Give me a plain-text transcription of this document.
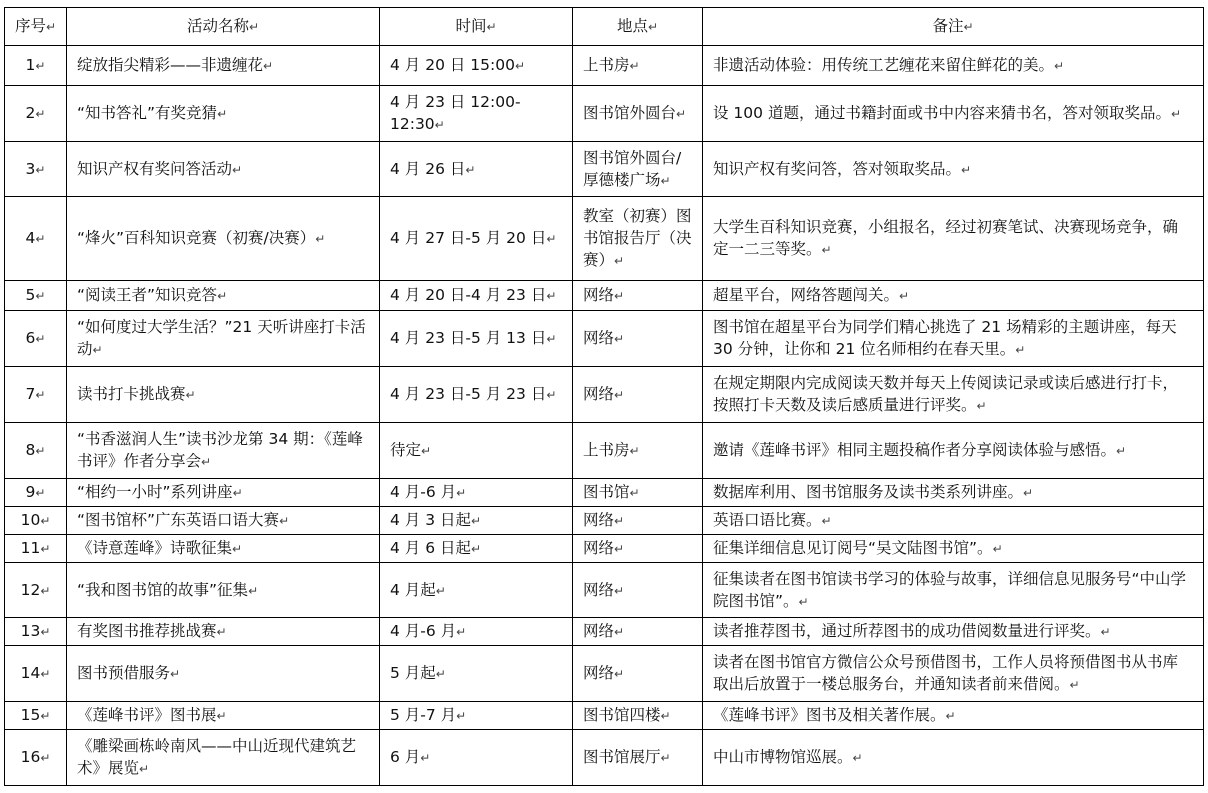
序号↵	活动名称↵	时间↵	地点↵	备注↵
1↵	绽放指尖精彩——非遗缠花↵	4 月 20 日 15:00↵	上书房↵	非遗活动体验：用传统工艺缠花来留住鲜花的美。↵
2↵	“知书答礼”有奖竞猜↵	4 月 23 日 12:00-12:30↵	图书馆外圆台↵	设 100 道题，通过书籍封面或书中内容来猜书名，答对领取奖品。↵
3↵	知识产权有奖问答活动↵	4 月 26 日↵	图书馆外圆台/厚德楼广场↵	知识产权有奖问答，答对领取奖品。↵
4↵	“烽火”百科知识竞赛（初赛/决赛）↵	4 月 27 日-5 月 20 日↵	教室（初赛）图书馆报告厅（决赛）↵	大学生百科知识竞赛，小组报名，经过初赛笔试、决赛现场竞争，确定一二三等奖。↵
5↵	“阅读王者”知识竞答↵	4 月 20 日-4 月 23 日↵	网络↵	超星平台，网络答题闯关。↵
6↵	“如何度过大学生活？”21 天听讲座打卡活动↵	4 月 23 日-5 月 13 日↵	网络↵	图书馆在超星平台为同学们精心挑选了 21 场精彩的主题讲座，每天 30 分钟，让你和 21 位名师相约在春天里。↵
7↵	读书打卡挑战赛↵	4 月 23 日-5 月 23 日↵	网络↵	在规定期限内完成阅读天数并每天上传阅读记录或读后感进行打卡，按照打卡天数及读后感质量进行评奖。↵
8↵	“书香滋润人生”读书沙龙第 34 期：《莲峰书评》作者分享会↵	待定↵	上书房↵	邀请《莲峰书评》相同主题投稿作者分享阅读体验与感悟。↵
9↵	“相约一小时”系列讲座↵	4 月-6 月↵	图书馆↵	数据库利用、图书馆服务及读书类系列讲座。↵
10↵	“图书馆杯”广东英语口语大赛↵	4 月 3 日起↵	网络↵	英语口语比赛。↵
11↵	《诗意莲峰》诗歌征集↵	4 月 6 日起↵	网络↵	征集详细信息见订阅号“吴文陆图书馆”。↵
12↵	“我和图书馆的故事”征集↵	4 月起↵	网络↵	征集读者在图书馆读书学习的体验与故事，详细信息见服务号“中山学院图书馆”。↵
13↵	有奖图书推荐挑战赛↵	4 月-6 月↵	网络↵	读者推荐图书，通过所荐图书的成功借阅数量进行评奖。↵
14↵	图书预借服务↵	5 月起↵	网络↵	读者在图书馆官方微信公众号预借图书，工作人员将预借图书从书库取出后放置于一楼总服务台，并通知读者前来借阅。↵
15↵	《莲峰书评》图书展↵	5 月-7 月↵	图书馆四楼↵	《莲峰书评》图书及相关著作展。↵
16↵	《雕梁画栋岭南风——中山近现代建筑艺术》展览↵	6 月↵	图书馆展厅↵	中山市博物馆巡展。↵
